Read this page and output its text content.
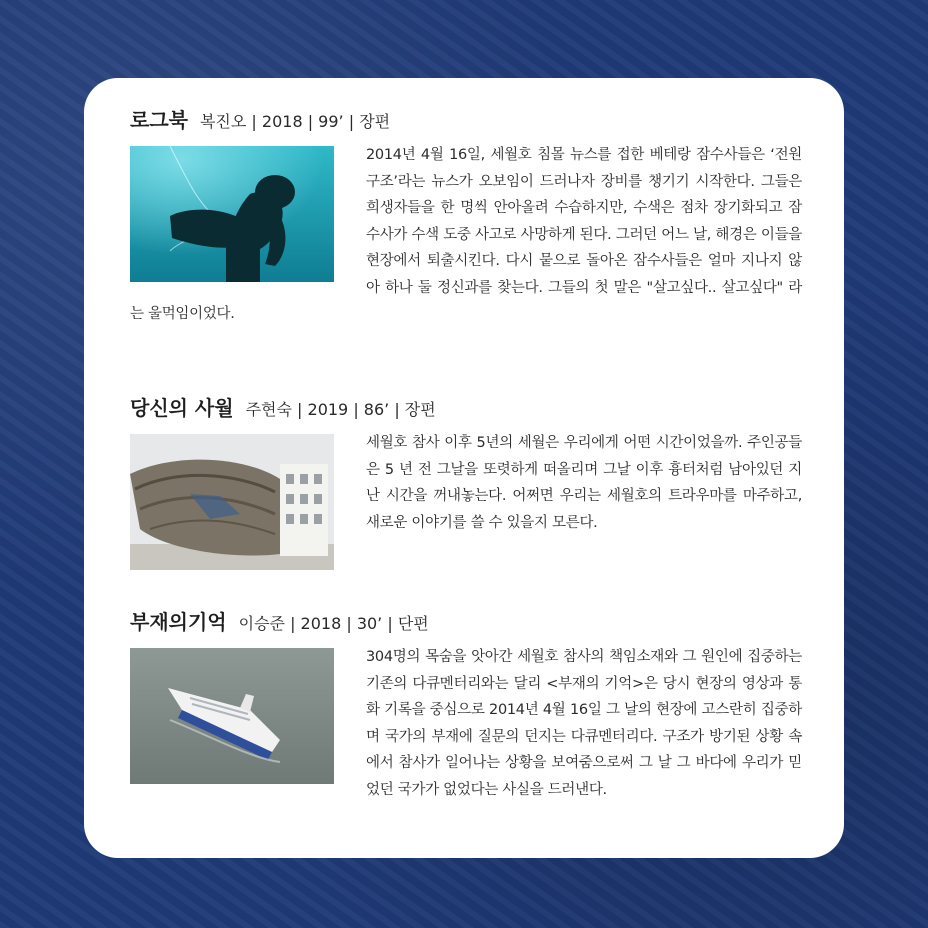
로그북 복진오 | 2018 | 99’ | 장편
2014년 4월 16일, 세월호 침몰 뉴스를 접한 베테랑 잠수사들은 ‘전원구조’라는 뉴스가 오보임이 드러나자 장비를 챙기기 시작한다. 그들은 희생자들을 한 명씩 안아올려 수습하지만, 수색은 점차 장기화되고 잠수사가 수색 도중 사고로 사망하게 된다. 그러던 어느 날, 해경은 이들을 현장에서 퇴출시킨다. 다시 뭍으로 돌아온 잠수사들은 얼마 지나지 않아 하나 둘 정신과를 찾는다. 그들의 첫 말은 "살고싶다.. 살고싶다" 라는 울먹임이었다.
당신의 사월 주현숙 | 2019 | 86’ | 장편
세월호 참사 이후 5년의 세월은 우리에게 어떤 시간이었을까. 주인공들은 5 년 전 그날을 또렷하게 떠올리며 그날 이후 흉터처럼 남아있던 지난 시간을 꺼내놓는다. 어쩌면 우리는 세월호의 트라우마를 마주하고, 새로운 이야기를 쓸 수 있을지 모른다.
부재의기억 이승준 | 2018 | 30’ | 단편
304명의 목숨을 앗아간 세월호 참사의 책임소재와 그 원인에 집중하는 기존의 다큐멘터리와는 달리 <부재의 기억>은 당시 현장의 영상과 통화 기록을 중심으로 2014년 4월 16일 그 날의 현장에 고스란히 집중하며 국가의 부재에 질문의 던지는 다큐멘터리다. 구조가 방기된 상황 속에서 참사가 일어나는 상황을 보여줌으로써 그 날 그 바다에 우리가 믿었던 국가가 없었다는 사실을 드러낸다.
